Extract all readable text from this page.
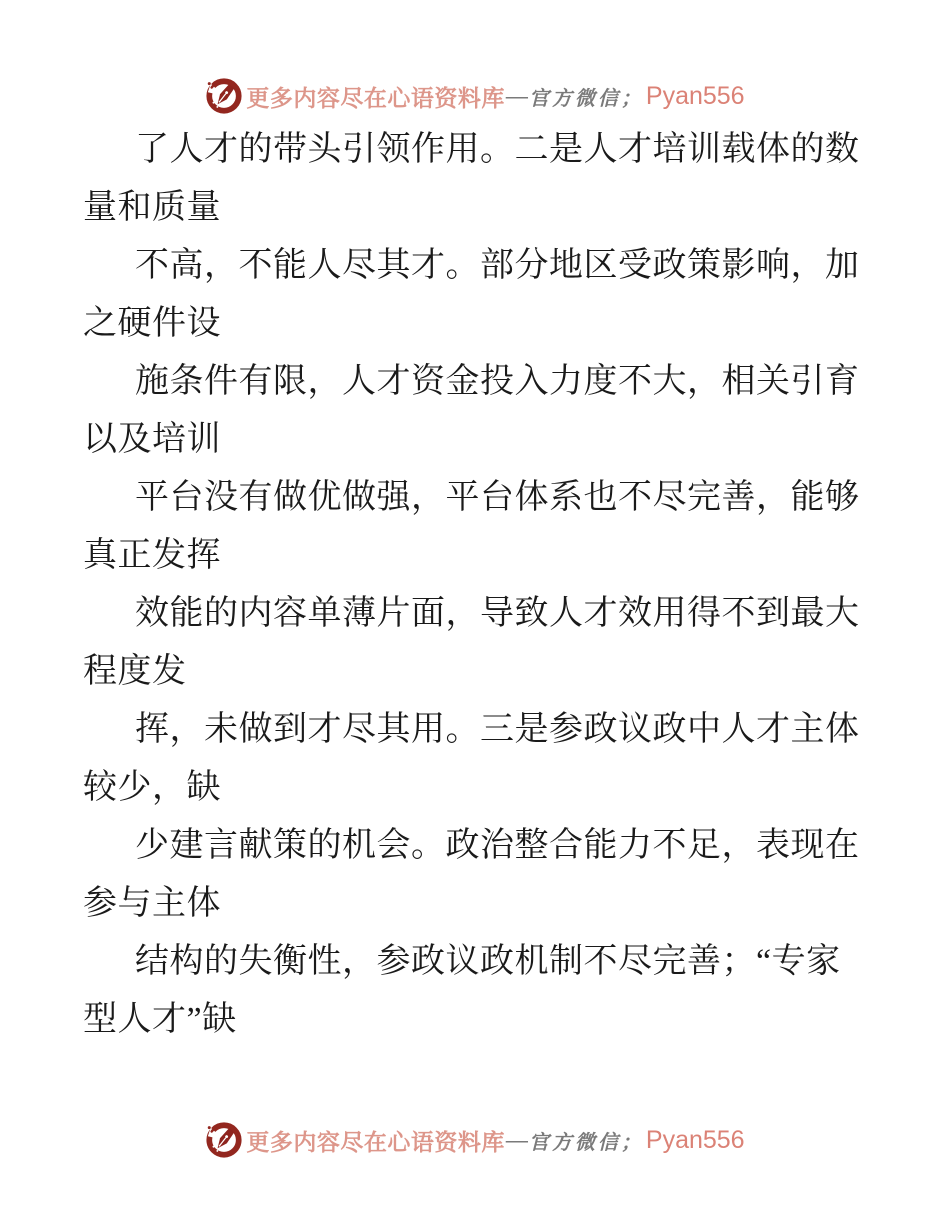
更多内容尽在心语资料库 — 官方微信； Pyan556
了人才的带头引领作用。二是人才培训载体的数
量和质量
不高，不能人尽其才。部分地区受政策影响，加
之硬件设
施条件有限，人才资金投入力度不大，相关引育
以及培训
平台没有做优做强，平台体系也不尽完善，能够
真正发挥
效能的内容单薄片面，导致人才效用得不到最大
程度发
挥，未做到才尽其用。三是参政议政中人才主体
较少，缺
少建言献策的机会。政治整合能力不足，表现在
参与主体
结构的失衡性，参政议政机制不尽完善；“专家
型人才”缺
更多内容尽在心语资料库 — 官方微信； Pyan556
